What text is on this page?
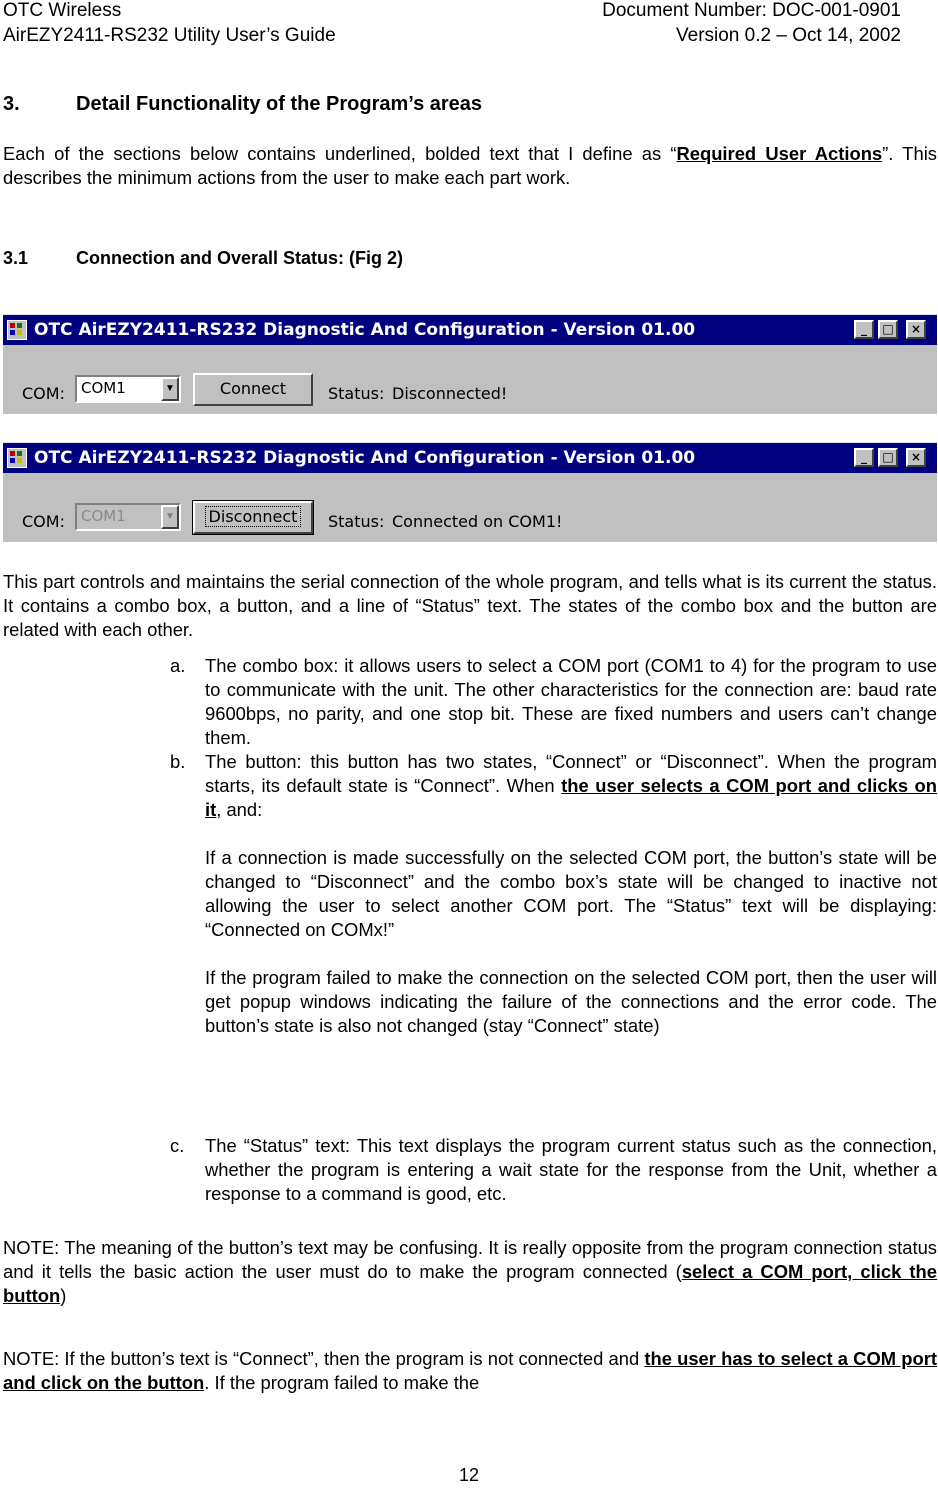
OTC Wireless
AirEZY2411-RS232 Utility User’s Guide
Document Number: DOC-001-0901
Version 0.2 – Oct 14, 2002
3.	Detail Functionality of the Program’s areas
Each of the sections below contains underlined, bolded text that I define as “Required User Actions”. This describes the minimum actions from the user to make each part work.
3.1	Connection and Overall Status: (Fig 2)
OTC AirEZY2411-RS232 Diagnostic And Configuration - Version 01.00	_	□	×
COM: COM1	▼	Connect	Status: Disconnected!
OTC AirEZY2411-RS232 Diagnostic And Configuration - Version 01.00	_	□	×
COM: COM1	▼	Disconnect	Status: Connected on COM1!
This part controls and maintains the serial connection of the whole program, and tells what is its current the status. It contains a combo box, a button, and a line of “Status” text. The states of the combo box and the button are related with each other.
a. The combo box: it allows users to select a COM port (COM1 to 4) for the program to use to communicate with the unit. The other characteristics for the connection are: baud rate 9600bps, no parity, and one stop bit. These are fixed numbers and users can’t change them.

b. The button: this button has two states, “Connect” or “Disconnect”. When the program starts, its default state is “Connect”. When the user selects a COM port and clicks on it, and:

If a connection is made successfully on the selected COM port, the button’s state will be changed to “Disconnect” and the combo box’s state will be changed to inactive not allowing the user to select another COM port. The “Status” text will be displaying: “Connected on COMx!”

If the program failed to make the connection on the selected COM port, then the user will get popup windows indicating the failure of the connections and the error code. The button’s state is also not changed (stay “Connect” state)

c. The “Status” text: This text displays the program current status such as the connection, whether the program is entering a wait state for the response from the Unit, whether a response to a command is good, etc.

NOTE: The meaning of the button’s text may be confusing. It is really opposite from the program connection status and it tells the basic action the user must do to make the program connected (select a COM port, click the button)
NOTE: If the button’s text is “Connect”, then the program is not connected and the user has to select a COM port and click on the button. If the program failed to make the
12
